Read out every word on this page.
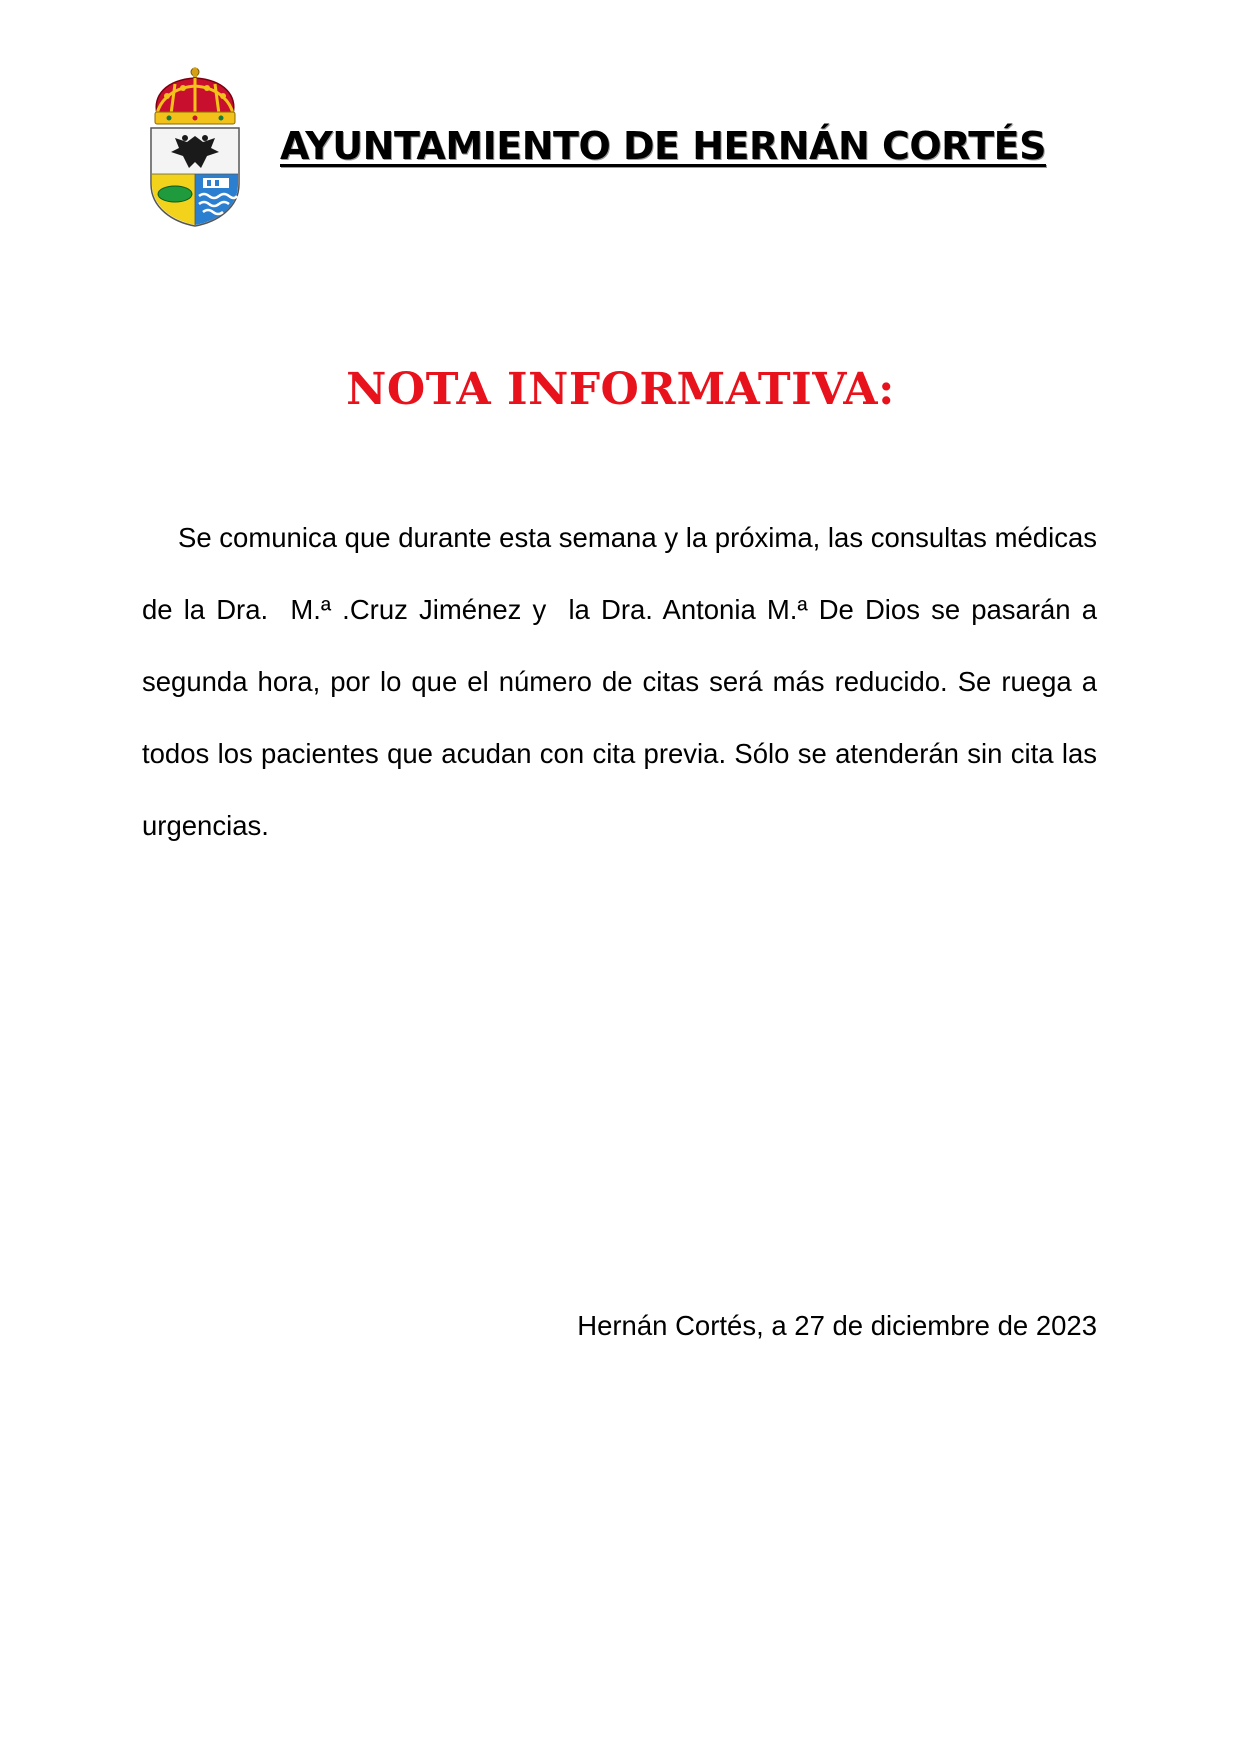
AYUNTAMIENTO DE HERNÁN CORTÉS
NOTA INFORMATIVA:

Se comunica que durante esta semana y la próxima, las consultas médicas de la Dra.  M.ª .Cruz Jiménez y  la Dra. Antonia M.ª De Dios se pasarán a segunda hora, por lo que el número de citas será más reducido. Se ruega a todos los pacientes que acudan con cita previa. Sólo se atenderán sin cita las urgencias.

Hernán Cortés, a 27 de diciembre de 2023
